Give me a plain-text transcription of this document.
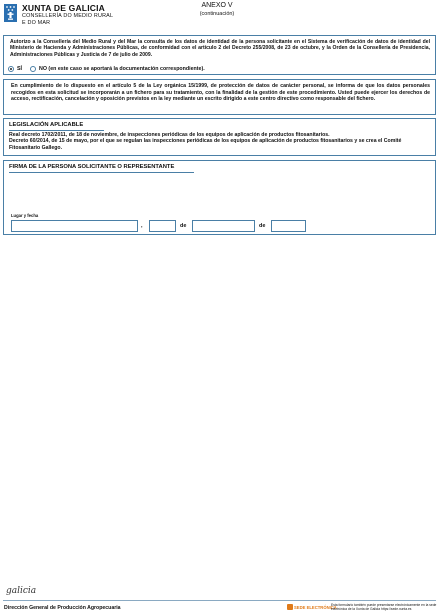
XUNTA DE GALICIA
CONSELLERÍA DO MEDIO RURAL
E DO MAR
ANEXO V
(continuación)
Autorizo a la Consellería del Medio Rural y del Mar la consulta de los datos de identidad de la persona solicitante en el Sistema de verificación de datos de identidad del Ministerio de Hacienda y Administraciones Públicas, de conformidad con el artículo 2 del Decreto 255/2008, de 23 de octubre, y la Orden de la Consellería de Presidencia, Administraciones Públicas y Justicia de 7 de julio de 2009.
SÍ	NO (en este caso se aportará la documentación correspondiente).
En cumplimiento de lo dispuesto en el artículo 5 de la Ley orgánica 15/1999, de protección de datos de carácter personal, se informa de que los datos personales recogidos en esta solicitud se incorporarán a un fichero para su tratamiento, con la finalidad de la gestión de este procedimiento. Usted puede ejercer los derechos de acceso, rectificación, cancelación y oposición previstos en la ley mediante un escrito dirigido a este centro directivo como responsable del fichero.
LEGISLACIÓN APLICABLE
Real decreto 1702/2011, de 18 de noviembre, de inspecciones periódicas de los equipos de aplicación de productos fitosanitarios.
Decreto 60/2014, de 15 de mayo, por el que se regulan las inspecciones periódicas de los equipos de aplicación de productos fitosanitarios y se crea el Comité Fitosanitario Gallego.
FIRMA DE LA PERSONA SOLICITANTE O REPRESENTANTE
Lugar y fecha
,	de	de
galicia
Dirección General de Producción Agropecuaria	SEDE ELECTRÓNICA
Esta formulario también puede presentarse electrónicamente en la sede electrónica de la Xunta de Galicia https://sede.xunta.es
